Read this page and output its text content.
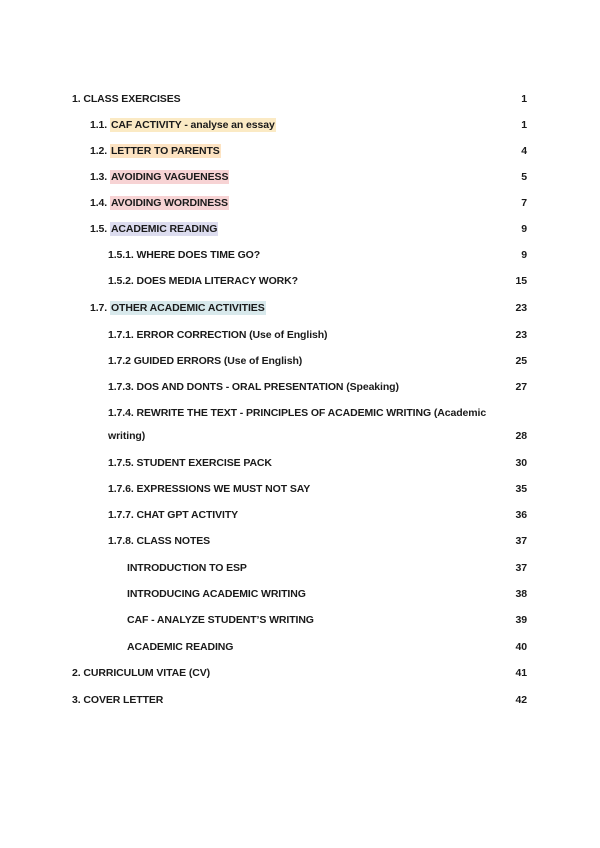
1. CLASS EXERCISES	1
1.1. CAF ACTIVITY - analyse an essay	1
1.2. LETTER TO PARENTS	4
1.3. AVOIDING VAGUENESS	5
1.4. AVOIDING WORDINESS	7
1.5. ACADEMIC READING	9
1.5.1. WHERE DOES TIME GO?	9
1.5.2. DOES MEDIA LITERACY WORK?	15
1.7. OTHER ACADEMIC ACTIVITIES	23
1.7.1. ERROR CORRECTION (Use of English)	23
1.7.2 GUIDED ERRORS (Use of English)	25
1.7.3. DOS AND DONTS - ORAL PRESENTATION (Speaking)	27
1.7.4. REWRITE THE TEXT - PRINCIPLES OF ACADEMIC WRITING (Academic
writing)	28
1.7.5. STUDENT EXERCISE PACK	30
1.7.6. EXPRESSIONS WE MUST NOT SAY	35
1.7.7. CHAT GPT ACTIVITY	36
1.7.8. CLASS NOTES	37
INTRODUCTION TO ESP	37
INTRODUCING ACADEMIC WRITING	38
CAF - ANALYZE STUDENT’S WRITING	39
ACADEMIC READING	40
2. CURRICULUM VITAE (CV)	41
3. COVER LETTER	42
